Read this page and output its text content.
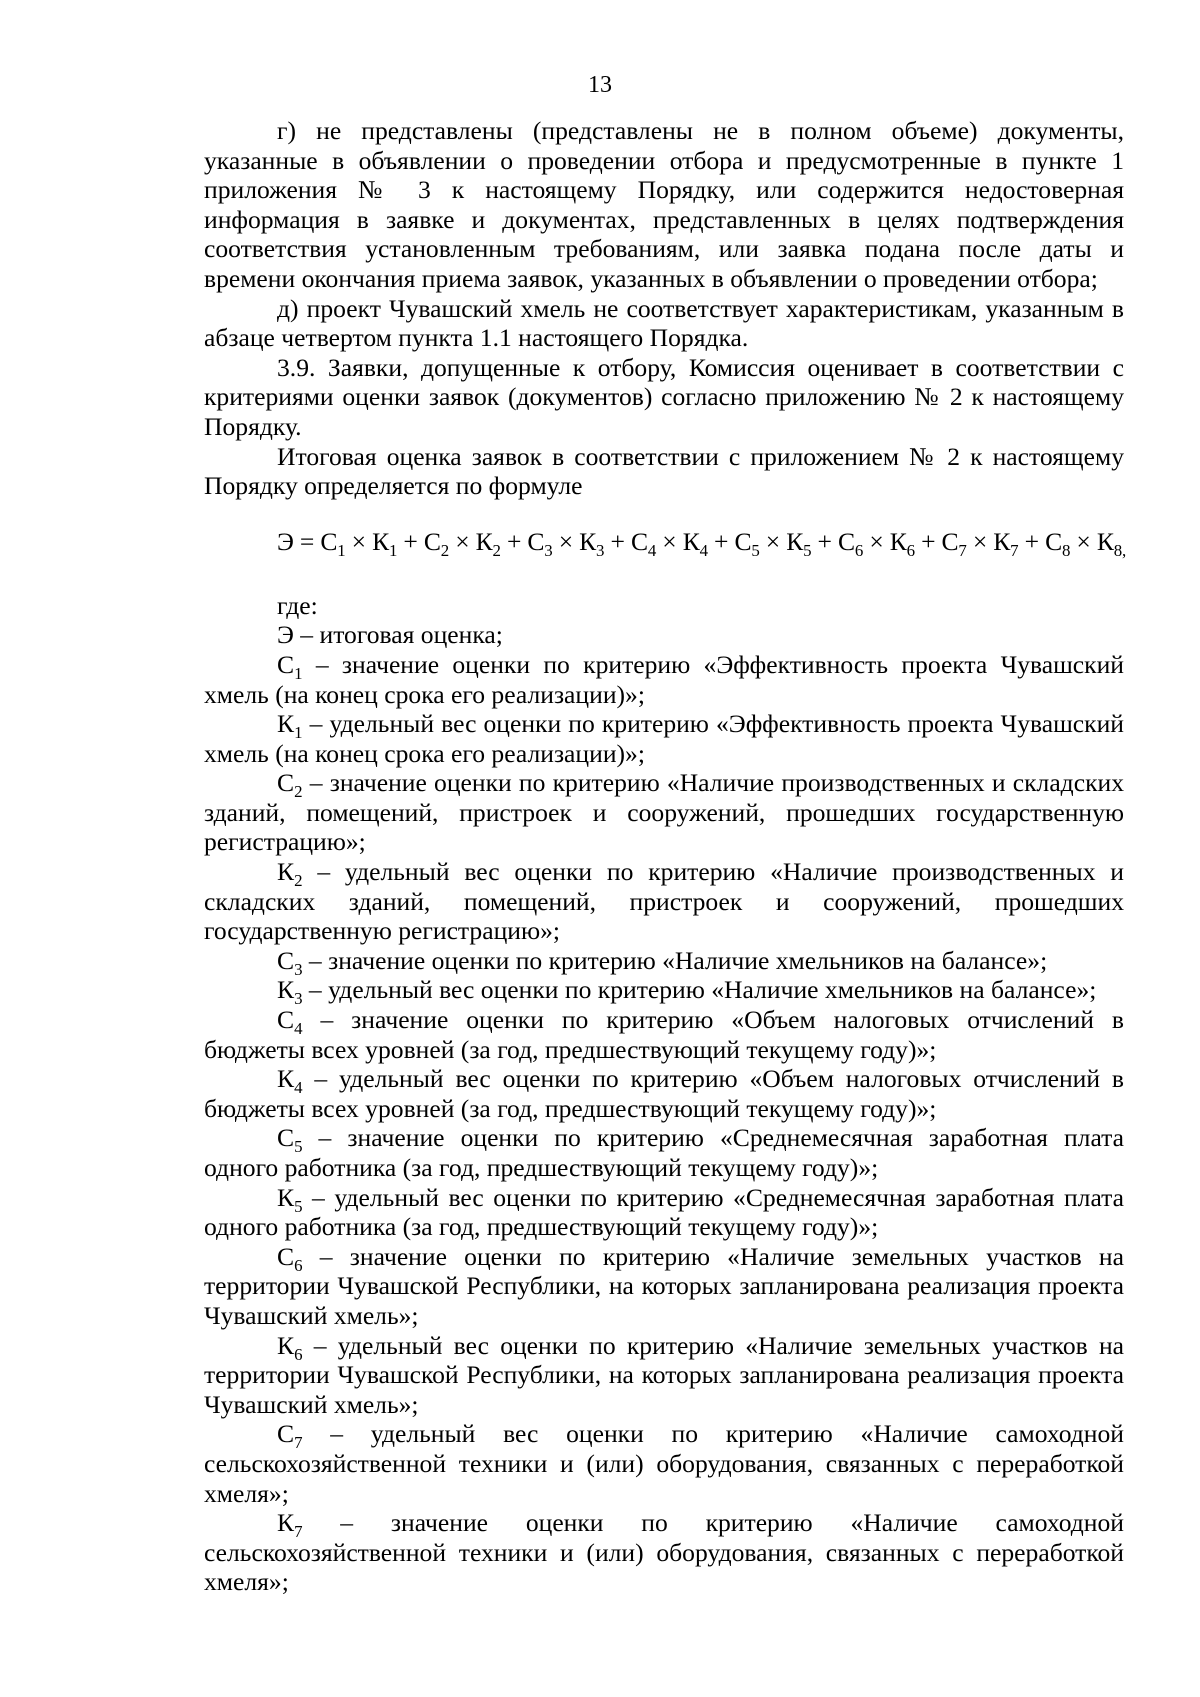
13

г) не представлены (представлены не в полном объеме) документы, указанные в объявлении о проведении отбора и предусмотренные в пункте 1 приложения № 3 к настоящему Порядку, или содержится недостоверная информация в заявке и документах, представленных в целях подтверждения соответствия установленным требованиям, или заявка подана после даты и времени окончания приема заявок, указанных в объявлении о проведении отбора;

д) проект Чувашский хмель не соответствует характеристикам, указанным в абзаце четвертом пункта 1.1 настоящего Порядка.

3.9. Заявки, допущенные к отбору, Комиссия оценивает в соответствии с критериями оценки заявок (документов) согласно приложению № 2 к настоящему Порядку.

Итоговая оценка заявок в соответствии с приложением № 2 к настоящему Порядку определяется по формуле

$Э = С_1 \times К_1 + С_2 \times К_2 + С_3 \times К_3 + С_4 \times К_4 + С_5 \times К_5 + С_6 \times К_6 + С_7 \times К_7 + С_8 \times К_{8,}$

где:

Э – итоговая оценка;

$С_1$ – значение оценки по критерию «Эффективность проекта Чувашский хмель (на конец срока его реализации)»;

$К_1$ – удельный вес оценки по критерию «Эффективность проекта Чувашский хмель (на конец срока его реализации)»;

$С_2$ – значение оценки по критерию «Наличие производственных и складских зданий, помещений, пристроек и сооружений, прошедших государственную регистрацию»;

$К_2$ – удельный вес оценки по критерию «Наличие производственных и складских зданий, помещений, пристроек и сооружений, прошедших государственную регистрацию»;

$С_3$ – значение оценки по критерию «Наличие хмельников на балансе»;

$К_3$ – удельный вес оценки по критерию «Наличие хмельников на балансе»;

$С_4$ – значение оценки по критерию «Объем налоговых отчислений в бюджеты всех уровней (за год, предшествующий текущему году)»;

$К_4$ – удельный вес оценки по критерию «Объем налоговых отчислений в бюджеты всех уровней (за год, предшествующий текущему году)»;

$С_5$ – значение оценки по критерию «Среднемесячная заработная плата одного работника (за год, предшествующий текущему году)»;

$К_5$ – удельный вес оценки по критерию «Среднемесячная заработная плата одного работника (за год, предшествующий текущему году)»;

$С_6$ – значение оценки по критерию «Наличие земельных участков на территории Чувашской Республики, на которых запланирована реализация проекта Чувашский хмель»;

$К_6$ – удельный вес оценки по критерию «Наличие земельных участков на территории Чувашской Республики, на которых запланирована реализация проекта Чувашский хмель»;

$С_7$ – удельный вес оценки по критерию «Наличие самоходной сельскохозяйственной техники и (или) оборудования, связанных с переработкой хмеля»;

$К_7$ – значение оценки по критерию «Наличие самоходной сельскохозяйственной техники и (или) оборудования, связанных с переработкой хмеля»;
